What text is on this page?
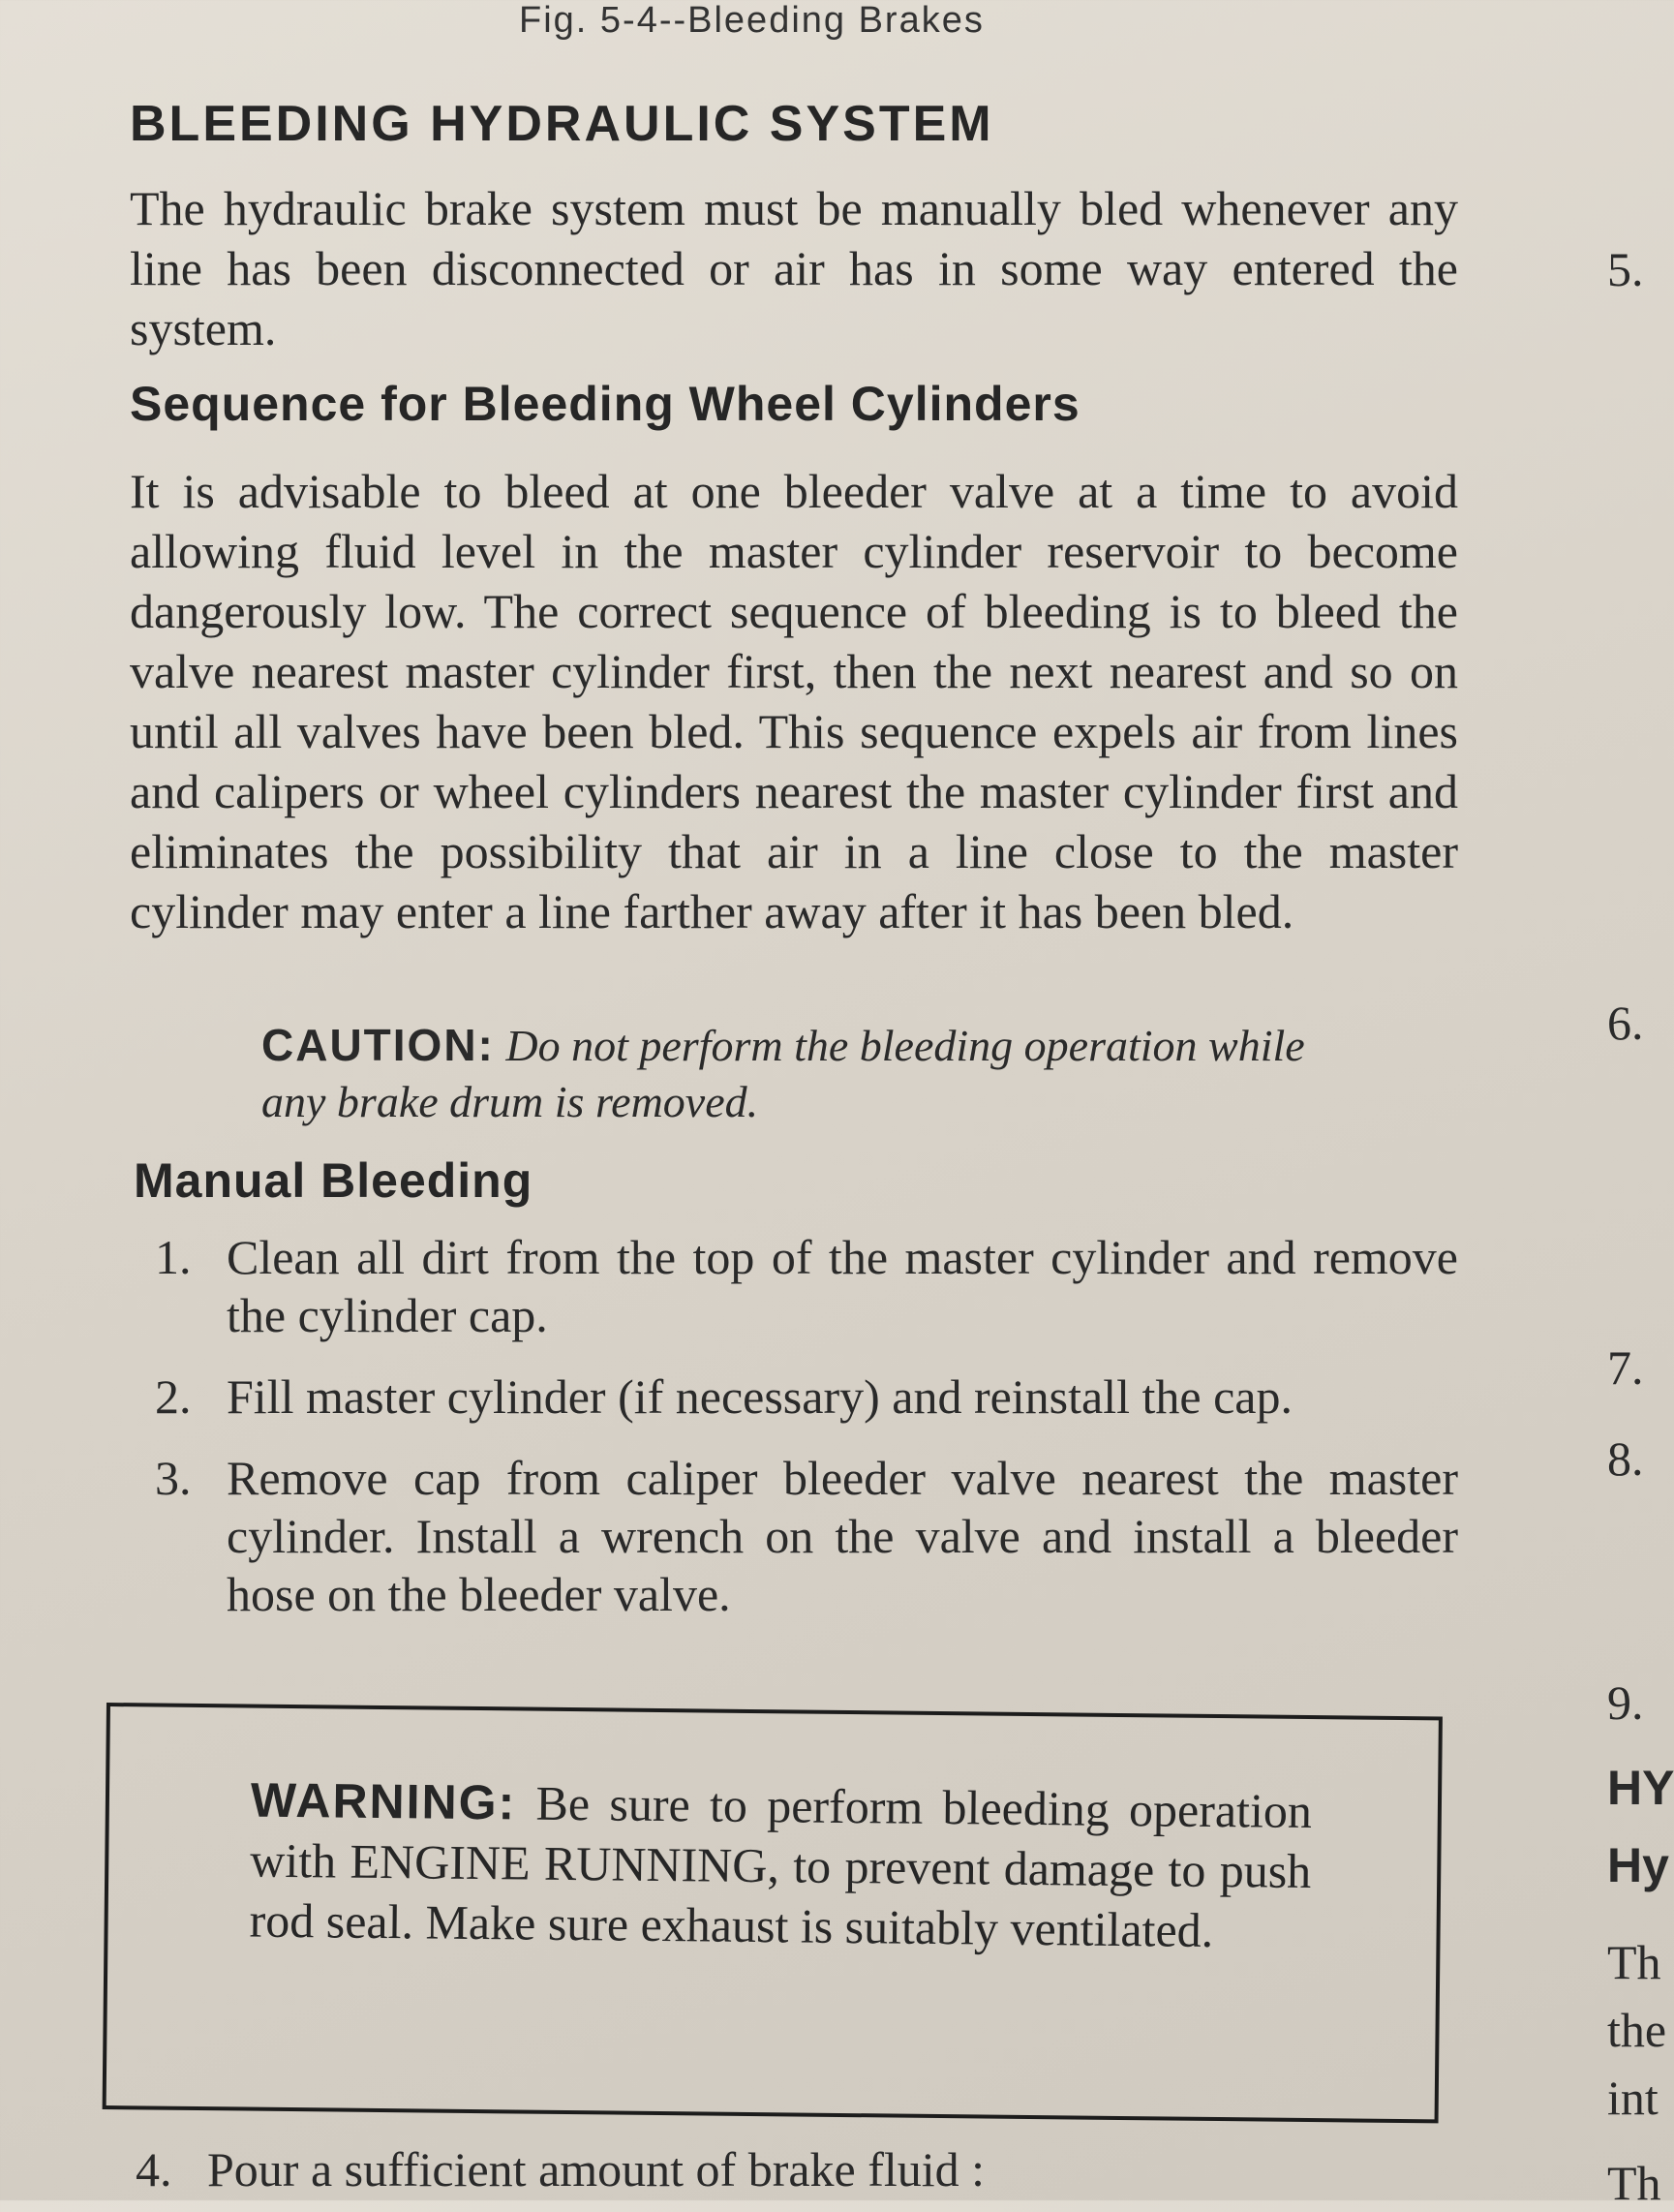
Fig. 5-4--Bleeding Brakes
BLEEDING HYDRAULIC SYSTEM
The hydraulic brake system must be manually bled whenever any line has been disconnected or air has in some way entered the system.
Sequence for Bleeding Wheel Cylinders
It is advisable to bleed at one bleeder valve at a time to avoid allowing fluid level in the master cylinder reservoir to become dangerously low. The correct sequence of bleeding is to bleed the valve nearest master cylinder first, then the next nearest and so on until all valves have been bled. This sequence expels air from lines and calipers or wheel cylinders nearest the master cylinder first and eliminates the possibility that air in a line close to the master cylinder may enter a line farther away after it has been bled.
CAUTION: Do not perform the bleeding operation while any brake drum is removed.
Manual Bleeding
1. Clean all dirt from the top of the master cylinder and remove the cylinder cap.
2. Fill master cylinder (if necessary) and reinstall the cap.
3. Remove cap from caliper bleeder valve nearest the master cylinder. Install a wrench on the valve and install a bleeder hose on the bleeder valve.
WARNING: Be sure to perform bleeding operation with ENGINE RUNNING, to prevent damage to push rod seal. Make sure exhaust is suitably ventilated.
4. Pour a sufficient amount of brake fluid :
5.
6.
7.
8.
9.
HY
Hy
Th
the
int
Th
